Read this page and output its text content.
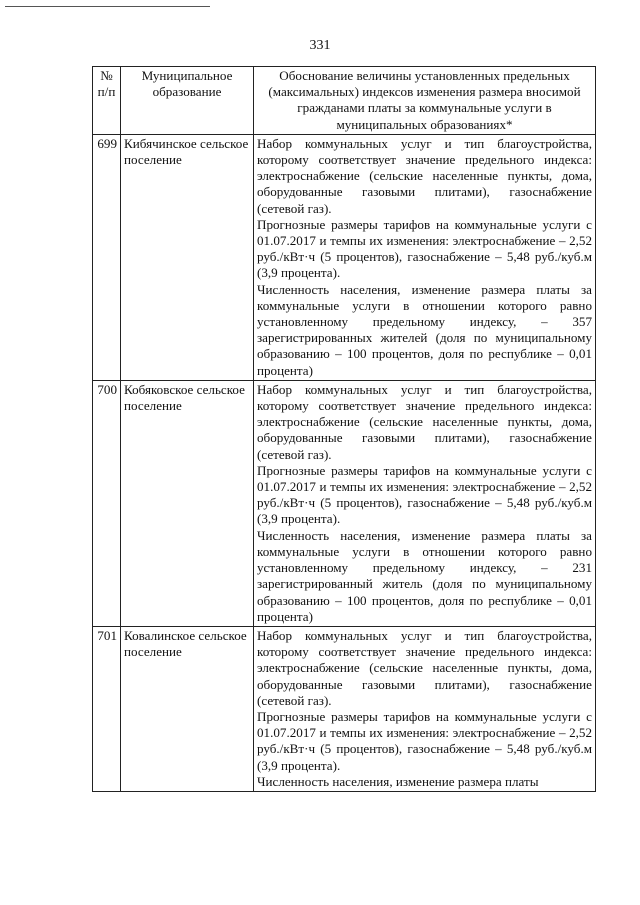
331
№ п/п	Муниципальное образование	Обоснование величины установленных предельных (максимальных) индексов изменения размера вносимой гражданами платы за коммунальные услуги в муниципальных образованиях*
699	Кибячинское сельское поселение	Набор коммунальных услуг и тип благоустройства, которому соответствует значение предельного индекса: электроснабжение (сельские населенные пункты, дома, оборудованные газовыми плитами), газоснабжение (сетевой газ).

Прогнозные размеры тарифов на коммунальные услуги с 01.07.2017 и темпы их изменения: электроснабжение – 2,52 руб./кВт·ч (5 процентов), газоснабжение – 5,48 руб./куб.м (3,9 процента).

Численность населения, изменение размера платы за коммунальные услуги в отношении которого равно установленному предельному индексу, – 357 зарегистрированных жителей (доля по муниципальному образованию – 100 процентов, доля по республике – 0,01 процента)

700	Кобяковское сельское поселение	Набор коммунальных услуг и тип благоустройства, которому соответствует значение предельного индекса: электроснабжение (сельские населенные пункты, дома, оборудованные газовыми плитами), газоснабжение (сетевой газ).

Прогнозные размеры тарифов на коммунальные услуги с 01.07.2017 и темпы их изменения: электроснабжение – 2,52 руб./кВт·ч (5 процентов), газоснабжение – 5,48 руб./куб.м (3,9 процента).

Численность населения, изменение размера платы за коммунальные услуги в отношении которого равно установленному предельному индексу, – 231 зарегистрированный житель (доля по муниципальному образованию – 100 процентов, доля по республике – 0,01 процента)

701	Ковалинское сельское поселение	Набор коммунальных услуг и тип благоустройства, которому соответствует значение предельного индекса: электроснабжение (сельские населенные пункты, дома, оборудованные газовыми плитами), газоснабжение (сетевой газ).

Прогнозные размеры тарифов на коммунальные услуги с 01.07.2017 и темпы их изменения: электроснабжение – 2,52 руб./кВт·ч (5 процентов), газоснабжение – 5,48 руб./куб.м (3,9 процента).

Численность населения, изменение размера платы
